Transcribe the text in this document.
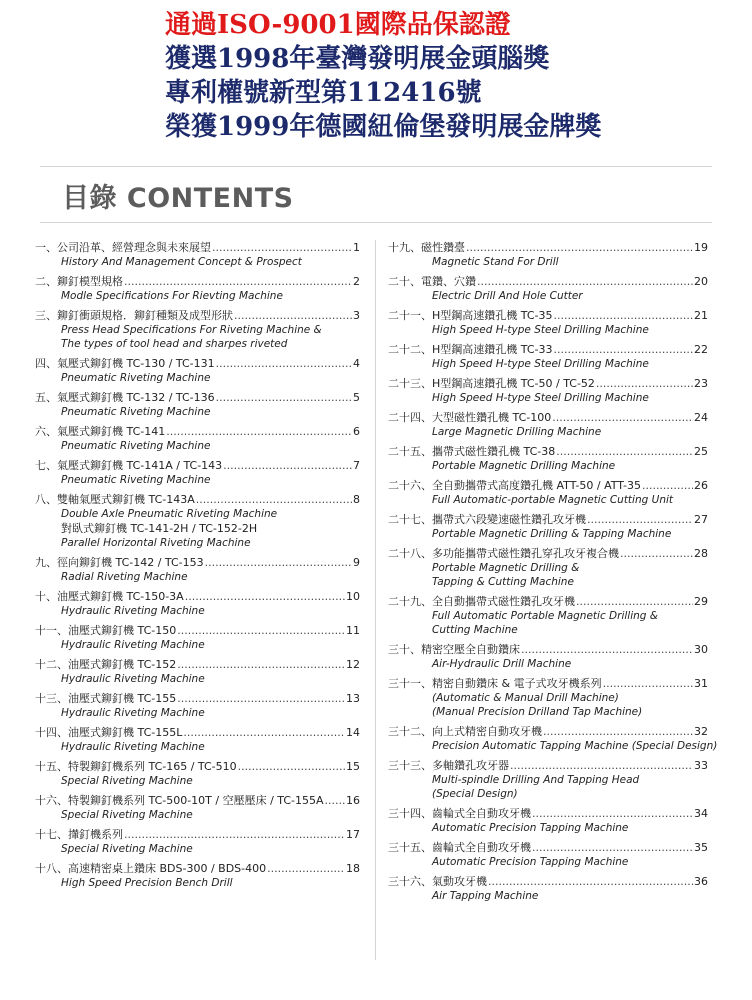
通過ISO-9001國際品保認證
獲選1998年臺灣發明展金頭腦獎
專利權號新型第112416號
榮獲1999年德國紐倫堡發明展金牌獎
目錄 CONTENTS
一、公司沿革、經營理念與未來展望 .....	1
History And Management Concept & Prospect
二、鉚釘模型規格 .....	2
Modle Specifications For Rievting Machine
三、鉚釘衝頭規格．鉚釘種類及成型形狀 .....	3
Press Head Specifications For Riveting Machine &
The types of tool head and sharpes riveted
四、氣壓式鉚釘機 TC-130 / TC-131 .....	4
Pneumatic Riveting Machine
五、氣壓式鉚釘機 TC-132 / TC-136 .....	5
Pneumatic Riveting Machine
六、氣壓式鉚釘機 TC-141 .....	6
Pneumatic Riveting Machine
七、氣壓式鉚釘機 TC-141A / TC-143 .....	7
Pneumatic Riveting Machine
八、雙軸氣壓式鉚釘機 TC-143A .....	8
Double Axle Pneumatic Riveting Machine
對臥式鉚釘機 TC-141-2H / TC-152-2H
Parallel Horizontal Riveting Machine
九、徑向鉚釘機 TC-142 / TC-153 .....	9
Radial Riveting Machine
十、油壓式鉚釘機 TC-150-3A .....	10
Hydraulic Riveting Machine
十一、油壓式鉚釘機 TC-150 .....	11
Hydraulic Riveting Machine
十二、油壓式鉚釘機 TC-152 .....	12
Hydraulic Riveting Machine
十三、油壓式鉚釘機 TC-155 .....	13
Hydraulic Riveting Machine
十四、油壓式鉚釘機 TC-155L .....	14
Hydraulic Riveting Machine
十五、特製鉚釘機系列 TC-165 / TC-510 .....	15
Special Riveting Machine
十六、特製鉚釘機系列 TC-500-10T / 空壓壓床 / TC-155A ..... 16
Special Riveting Machine
十七、攆釘機系列 .....	17
Special Riveting Machine
十八、高速精密桌上鑽床 BDS-300 / BDS-400 .....	18
High Speed Precision Bench Drill
十九、磁性鑽臺 .....	19
Magnetic Stand For Drill
二十、電鑽、穴鑽 .....	20
Electric Drill And Hole Cutter
二十一、H型鋼高速鑽孔機 TC-35 .....	21
High Speed H-type Steel Drilling Machine
二十二、H型鋼高速鑽孔機 TC-33 .....	22
High Speed H-type Steel Drilling Machine
二十三、H型鋼高速鑽孔機 TC-50 / TC-52 .....	23
High Speed H-type Steel Drilling Machine
二十四、大型磁性鑽孔機 TC-100 .....	24
Large Magnetic Drilling Machine
二十五、攜帶式磁性鑽孔機 TC-38 .....	25
Portable Magnetic Drilling Machine
二十六、全自動攜帶式高度鑽孔機 ATT-50 / ATT-35 .....	26
Full Automatic-portable Magnetic Cutting Unit
二十七、攜帶式六段變速磁性鑽孔攻牙機 .....	27
Portable Magnetic Drilling & Tapping Machine
二十八、多功能攜帶式磁性鑽孔穿孔攻牙複合機 .....	28
Portable Magnetic Drilling &
Tapping & Cutting Machine
二十九、全自動攜帶式磁性鑽孔攻牙機 .....	29
Full Automatic Portable Magnetic Drilling &
Cutting Machine
三十、精密空壓全自動鑽床 .....	30
Air-Hydraulic Drill Machine
三十一、精密自動鑽床 & 電子式攻牙機系列 .....	31
(Automatic & Manual Drill Machine)
(Manual Precision Drilland Tap Machine)
三十二、向上式精密自動攻牙機 .....	32
Precision Automatic Tapping Machine (Special Design)
三十三、多軸鑽孔攻牙器 .....	33
Multi-spindle Drilling And Tapping Head
(Special Design)
三十四、齒輪式全自動攻牙機 .....	34
Automatic Precision Tapping Machine
三十五、齒輪式全自動攻牙機 .....	35
Automatic Precision Tapping Machine
三十六、氣動攻牙機 .....	36
Air Tapping Machine
